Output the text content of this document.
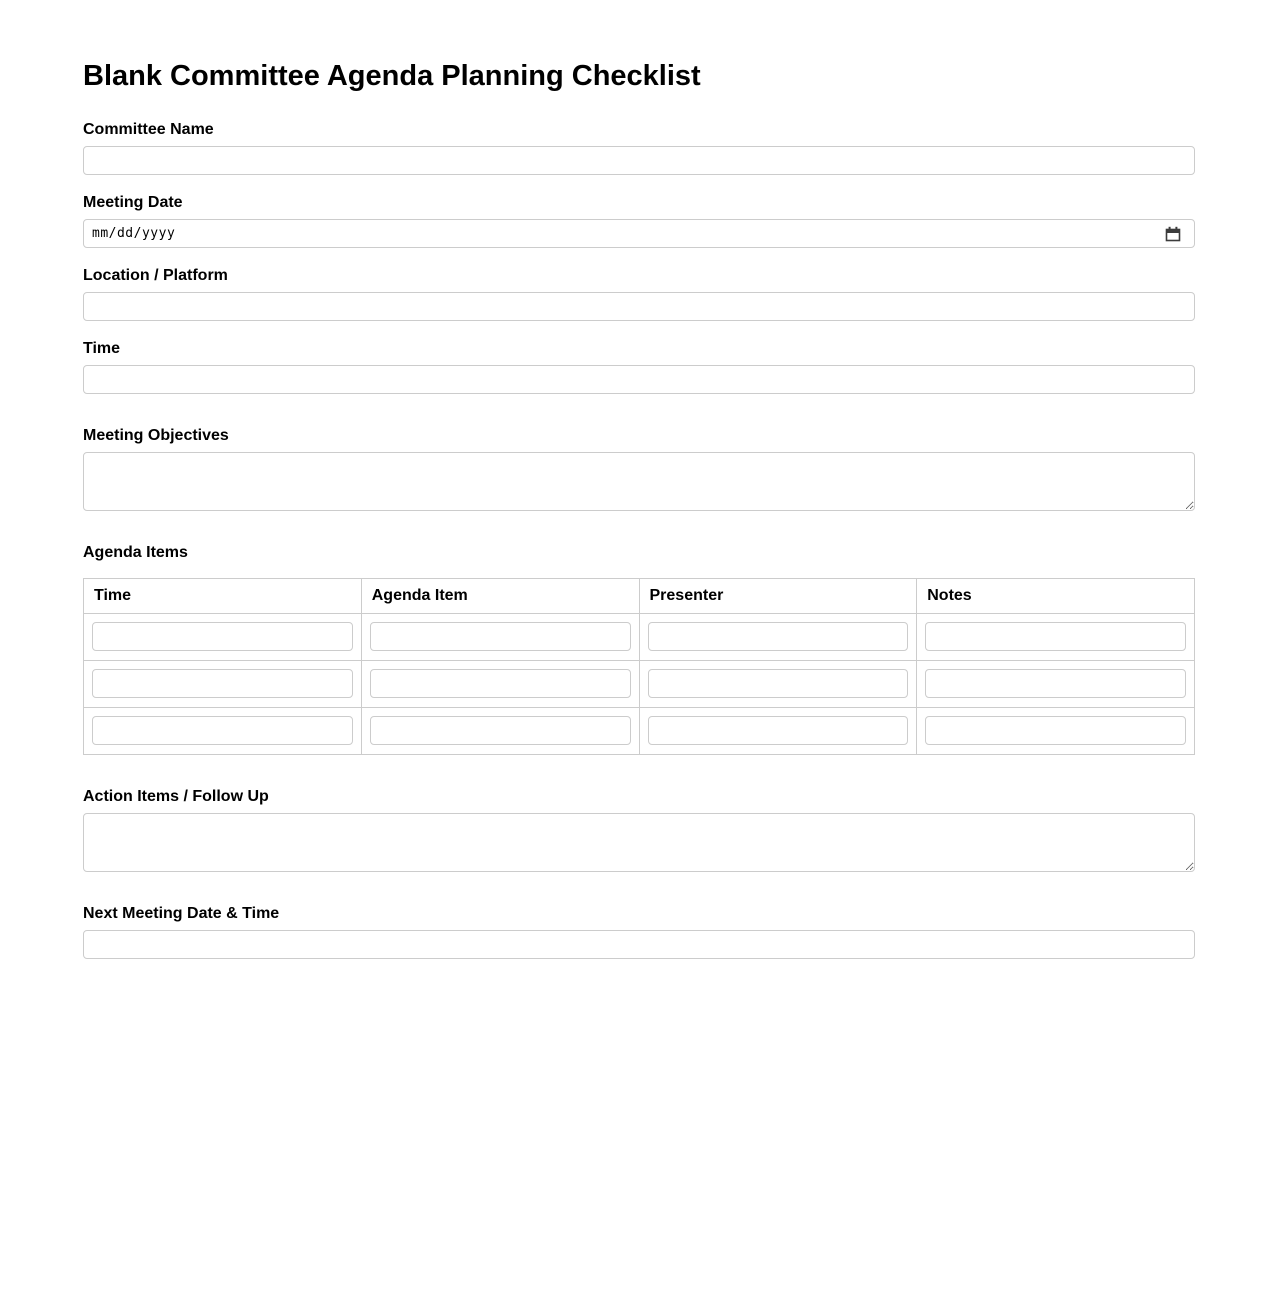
Blank Committee Agenda Planning Checklist
Committee Name
Meeting Date
mm/dd/yyyy
Location / Platform
Time
Meeting Objectives
Agenda Items
Time	Agenda Item	Presenter	Notes

Action Items / Follow Up
Next Meeting Date & Time
